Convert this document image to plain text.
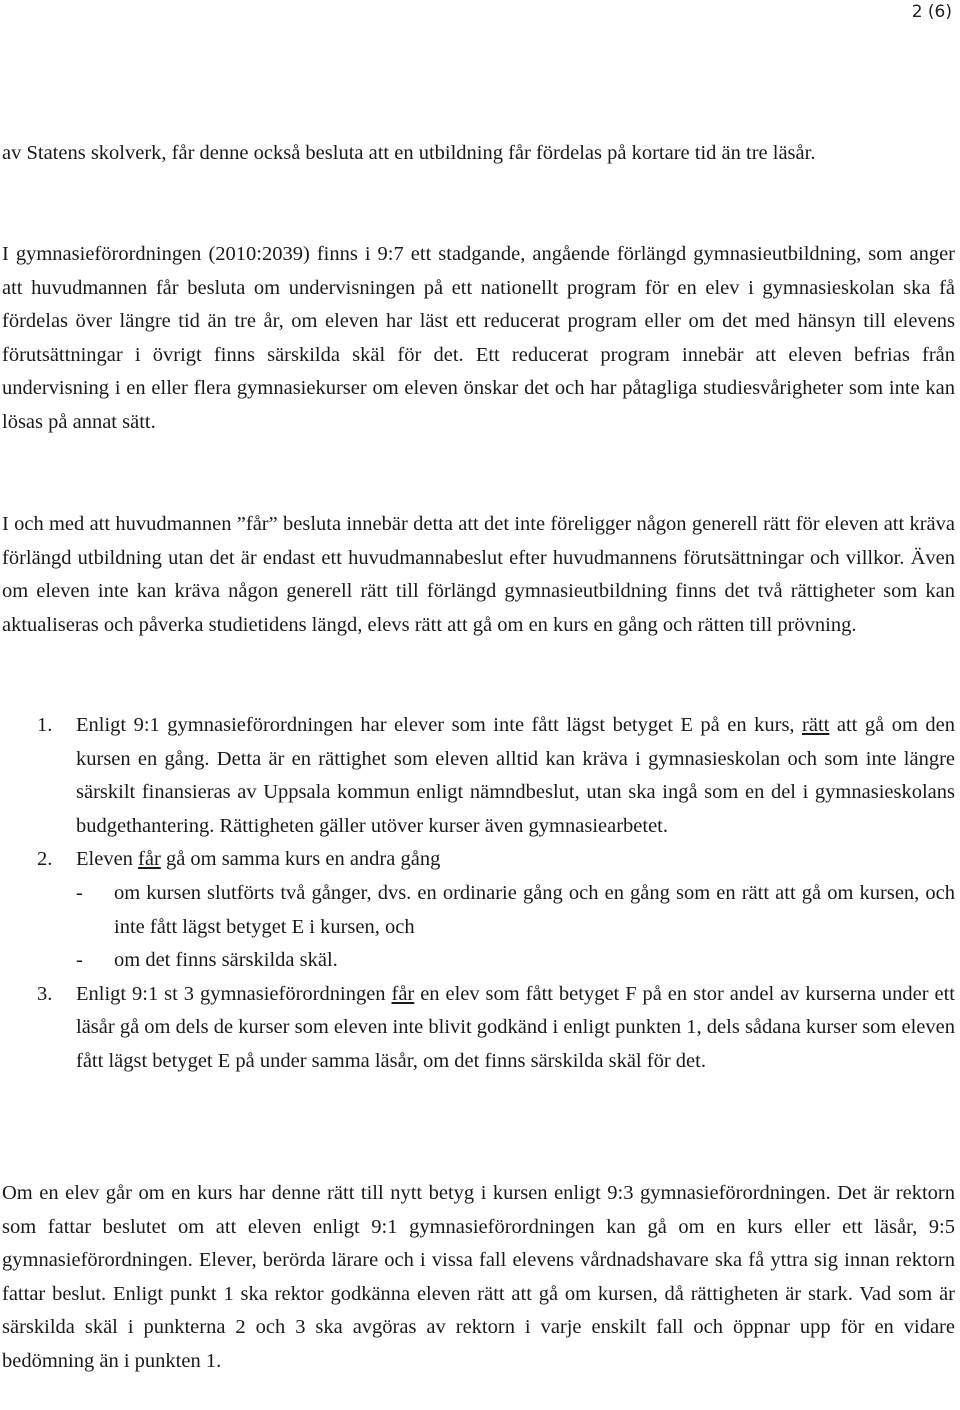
2 (6)

av Statens skolverk, får denne också besluta att en utbildning får fördelas på kortare tid än tre läsår.

I gymnasieförordningen (2010:2039) finns i 9:7 ett stadgande, angående förlängd gymnasieutbildning, som anger att huvudmannen får besluta om undervisningen på ett nationellt program för en elev i gymnasieskolan ska få fördelas över längre tid än tre år, om eleven har läst ett reducerat program eller om det med hänsyn till elevens förutsättningar i övrigt finns särskilda skäl för det. Ett reducerat program innebär att eleven befrias från undervisning i en eller flera gymnasiekurser om eleven önskar det och har påtagliga studiesvårigheter som inte kan lösas på annat sätt.

I och med att huvudmannen ”får” besluta innebär detta att det inte föreligger någon generell rätt för eleven att kräva förlängd utbildning utan det är endast ett huvudmannabeslut efter huvudmannens förutsättningar och villkor. Även om eleven inte kan kräva någon generell rätt till förlängd gymnasieutbildning finns det två rättigheter som kan aktualiseras och påverka studietidens längd, elevs rätt att gå om en kurs en gång och rätten till prövning.

1. Enligt 9:1 gymnasieförordningen har elever som inte fått lägst betyget E på en kurs, rätt att gå om den kursen en gång. Detta är en rättighet som eleven alltid kan kräva i gymnasieskolan och som inte längre särskilt finansieras av Uppsala kommun enligt nämndbeslut, utan ska ingå som en del i gymnasieskolans budgethantering. Rättigheten gäller utöver kurser även gymnasiearbetet.
2. Eleven får gå om samma kurs en andra gång
- om kursen slutförts två gånger, dvs. en ordinarie gång och en gång som en rätt att gå om kursen, och inte fått lägst betyget E i kursen, och
- om det finns särskilda skäl.
3. Enligt 9:1 st 3 gymnasieförordningen får en elev som fått betyget F på en stor andel av kurserna under ett läsår gå om dels de kurser som eleven inte blivit godkänd i enligt punkten 1, dels sådana kurser som eleven fått lägst betyget E på under samma läsår, om det finns särskilda skäl för det.

Om en elev går om en kurs har denne rätt till nytt betyg i kursen enligt 9:3 gymnasieförordningen. Det är rektorn som fattar beslutet om att eleven enligt 9:1 gymnasieförordningen kan gå om en kurs eller ett läsår, 9:5 gymnasieförordningen. Elever, berörda lärare och i vissa fall elevens vårdnadshavare ska få yttra sig innan rektorn fattar beslut. Enligt punkt 1 ska rektor godkänna eleven rätt att gå om kursen, då rättigheten är stark. Vad som är särskilda skäl i punkterna 2 och 3 ska avgöras av rektorn i varje enskilt fall och öppnar upp för en vidare bedömning än i punkten 1.
